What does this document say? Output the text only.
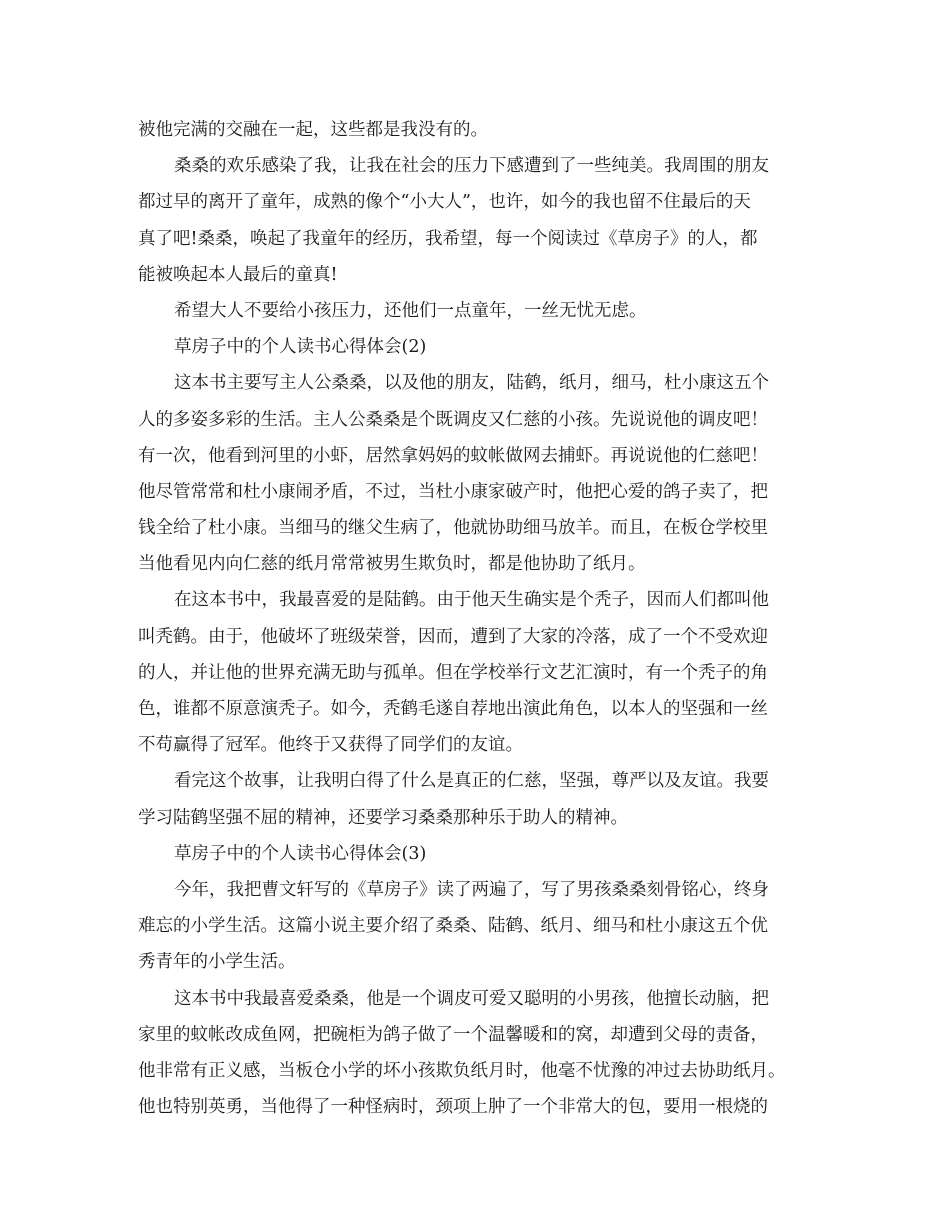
被他完满的交融在一起，这些都是我没有的。
桑桑的欢乐感染了我，让我在社会的压力下感遭到了一些纯美。我周围的朋友
都过早的离开了童年，成熟的像个“小大人”，也许，如今的我也留不住最后的天
真了吧!桑桑，唤起了我童年的经历，我希望，每一个阅读过《草房子》的人，都
能被唤起本人最后的童真!
希望大人不要给小孩压力，还他们一点童年，一丝无忧无虑。
草房子中的个人读书心得体会(2)
这本书主要写主人公桑桑，以及他的朋友，陆鹤，纸月，细马，杜小康这五个
人的多姿多彩的生活。主人公桑桑是个既调皮又仁慈的小孩。先说说他的调皮吧！
有一次，他看到河里的小虾，居然拿妈妈的蚊帐做网去捕虾。再说说他的仁慈吧！
他尽管常常和杜小康闹矛盾，不过，当杜小康家破产时，他把心爱的鸽子卖了，把
钱全给了杜小康。当细马的继父生病了，他就协助细马放羊。而且，在板仓学校里
当他看见内向仁慈的纸月常常被男生欺负时，都是他协助了纸月。
在这本书中，我最喜爱的是陆鹤。由于他天生确实是个秃子，因而人们都叫他
叫秃鹤。由于，他破坏了班级荣誉，因而，遭到了大家的冷落，成了一个不受欢迎
的人，并让他的世界充满无助与孤单。但在学校举行文艺汇演时，有一个秃子的角
色，谁都不原意演秃子。如今，秃鹤毛遂自荐地出演此角色，以本人的坚强和一丝
不苟赢得了冠军。他终于又获得了同学们的友谊。
看完这个故事，让我明白得了什么是真正的仁慈，坚强，尊严以及友谊。我要
学习陆鹤坚强不屈的精神，还要学习桑桑那种乐于助人的精神。
草房子中的个人读书心得体会(3)
今年，我把曹文轩写的《草房子》读了两遍了，写了男孩桑桑刻骨铭心，终身
难忘的小学生活。这篇小说主要介绍了桑桑、陆鹤、纸月、细马和杜小康这五个优
秀青年的小学生活。
这本书中我最喜爱桑桑，他是一个调皮可爱又聪明的小男孩，他擅长动脑，把
家里的蚊帐改成鱼网，把碗柜为鸽子做了一个温馨暖和的窝，却遭到父母的责备，
他非常有正义感，当板仓小学的坏小孩欺负纸月时，他毫不忧豫的冲过去协助纸月。
他也特别英勇，当他得了一种怪病时，颈项上肿了一个非常大的包，要用一根烧的
